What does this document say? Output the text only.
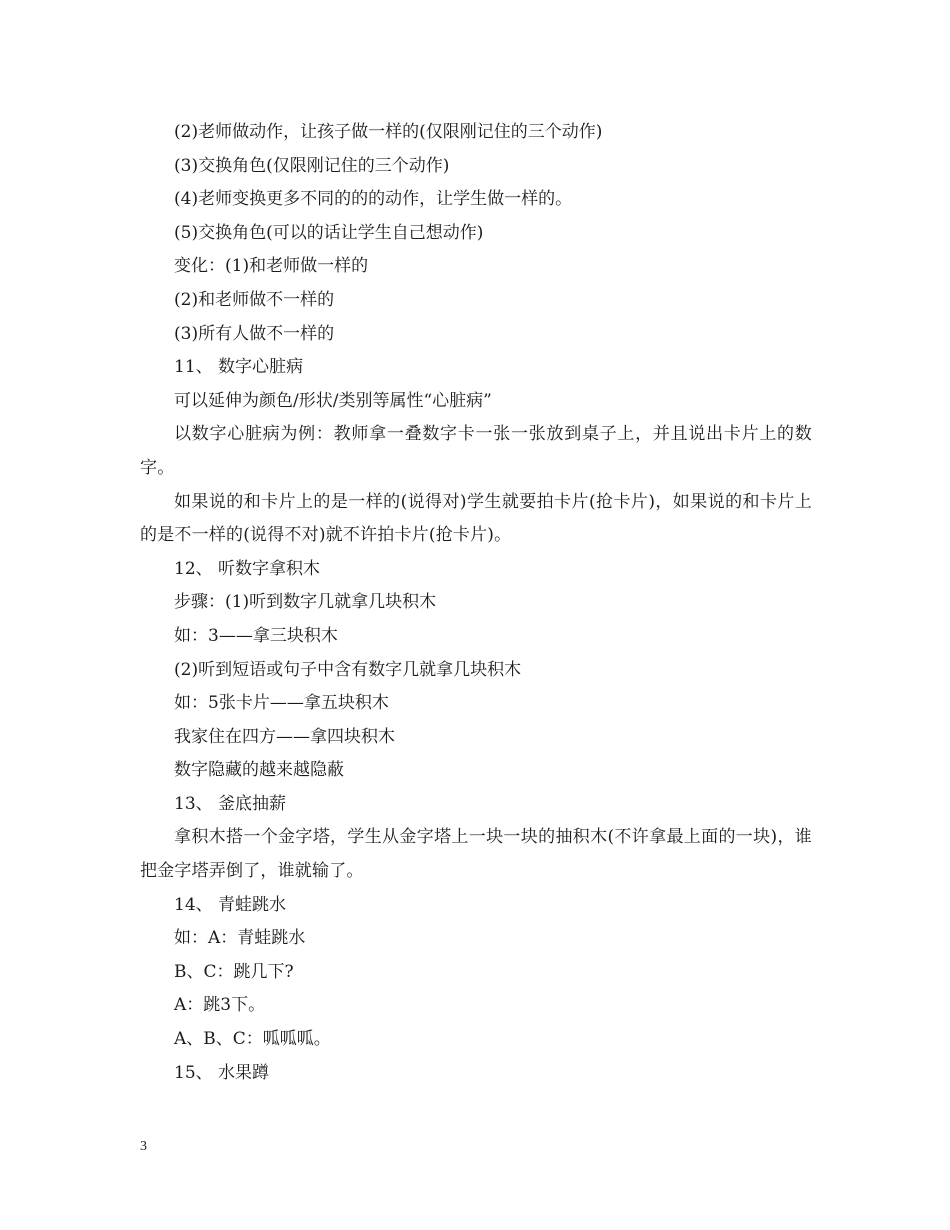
(2)老师做动作，让孩子做一样的(仅限刚记住的三个动作)
(3)交换角色(仅限刚记住的三个动作)
(4)老师变换更多不同的的的动作，让学生做一样的。
(5)交换角色(可以的话让学生自己想动作)
变化：(1)和老师做一样的
(2)和老师做不一样的
(3)所有人做不一样的
11、 数字心脏病
可以延伸为颜色/形状/类别等属性“心脏病”
以数字心脏病为例：教师拿一叠数字卡一张一张放到桌子上，并且说出卡片上的数字。
如果说的和卡片上的是一样的(说得对)学生就要拍卡片(抢卡片)，如果说的和卡片上的是不一样的(说得不对)就不许拍卡片(抢卡片)。
12、 听数字拿积木
步骤：(1)听到数字几就拿几块积木
如：3——拿三块积木
(2)听到短语或句子中含有数字几就拿几块积木
如：5张卡片——拿五块积木
我家住在四方——拿四块积木
数字隐藏的越来越隐蔽
13、 釜底抽薪
拿积木搭一个金字塔，学生从金字塔上一块一块的抽积木(不许拿最上面的一块)，谁把金字塔弄倒了，谁就输了。
14、 青蛙跳水
如：A：青蛙跳水
B、C：跳几下?
A：跳3下。
A、B、C：呱呱呱。
15、 水果蹲
3
